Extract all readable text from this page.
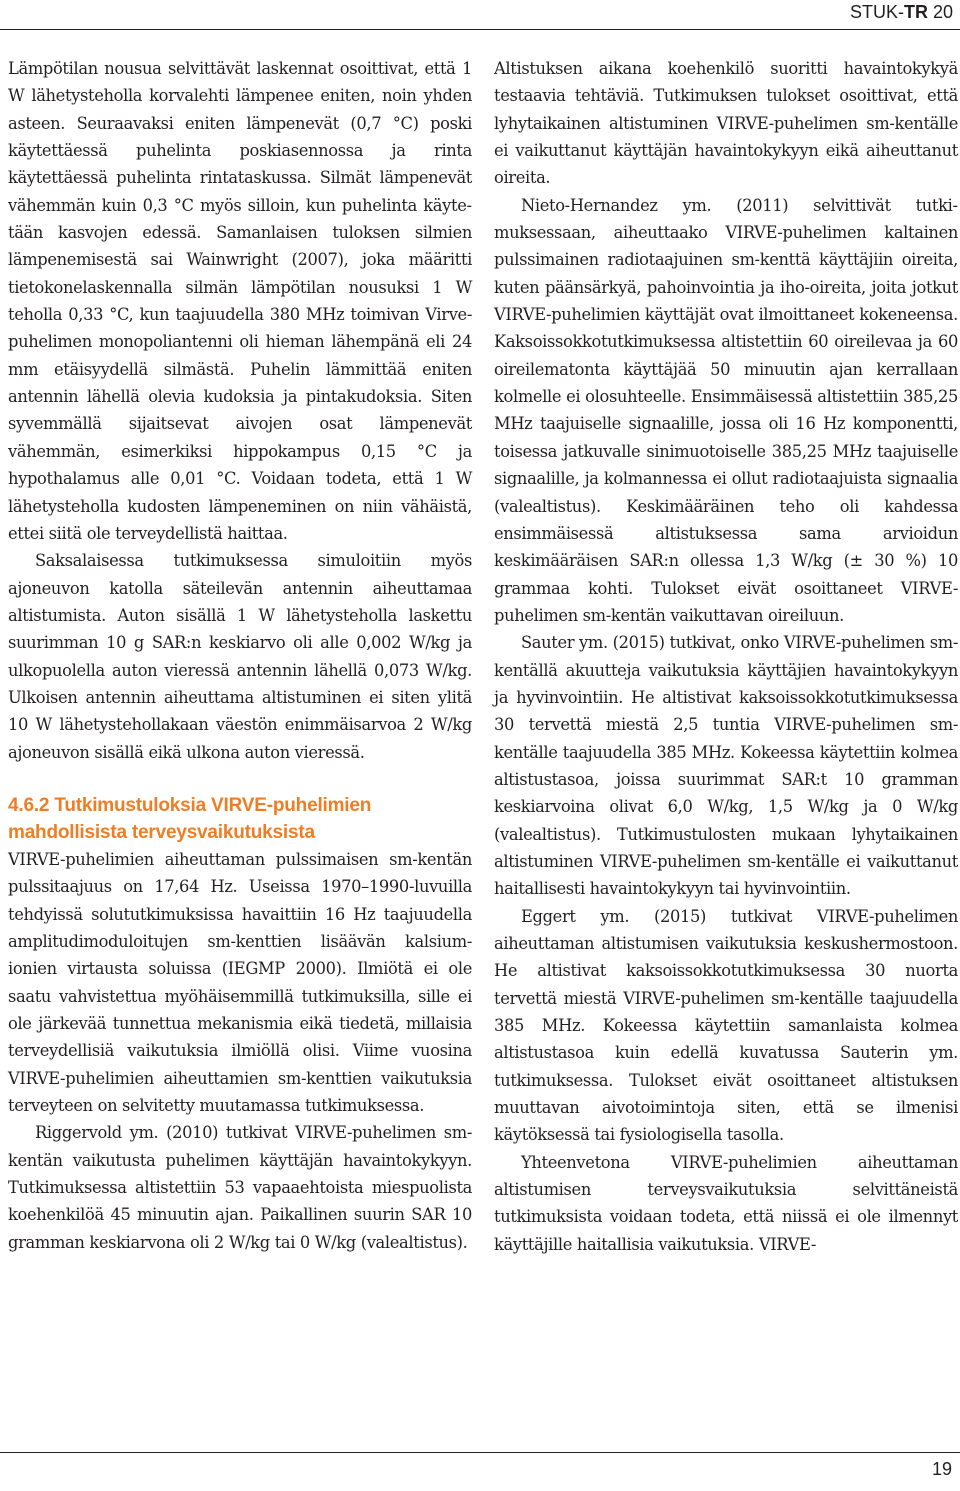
STUK-TR 20

Lämpötilan nousua selvittävät laskennat osoittivat, että 1 W lähetysteholla korvalehti lämpenee eniten, noin yhden asteen. Seuraavaksi eniten lämpenevät (0,7 °C) poski käytettäessä puhelinta poskiasennossa ja rinta käytettäessä puhelinta rintataskussa. Silmät lämpenevät vähemmän kuin 0,3 °C myös silloin, kun puhelinta käytetään kasvojen edessä. Samanlaisen tuloksen silmien lämpenemisestä sai Wainwright (2007), joka määritti tietokonelaskennalla silmän lämpötilan nousuksi 1 W teholla 0,33 °C, kun taajuudella 380 MHz toimivan Virve-puhelimen monopoliantenni oli hieman lähempänä eli 24 mm etäisyydellä silmästä. Puhelin lämmittää eniten antennin lähellä olevia kudoksia ja pintakudoksia. Siten syvemmällä sijaitsevat aivojen osat lämpenevät vähemmän, esimerkiksi hippokampus 0,15 °C ja hypothalamus alle 0,01 °C. Voidaan todeta, että 1 W lähetysteholla kudosten lämpeneminen on niin vähäistä, ettei siitä ole terveydellistä haittaa.

Saksalaisessa tutkimuksessa simuloitiin myös ajoneuvon katolla säteilevän antennin aiheuttamaa altistumista. Auton sisällä 1 W lähetysteholla laskettu suurimman 10 g SAR:n keskiarvo oli alle 0,002 W/kg ja ulkopuolella auton vieressä antennin lähellä 0,073 W/kg. Ulkoisen antennin aiheuttama altistuminen ei siten ylitä 10 W lähetystehollakaan väestön enimmäisarvoa 2 W/kg ajoneuvon sisällä eikä ulkona auton vieressä.

4.6.2 Tutkimustuloksia VIRVE-puhelimien mahdollisista terveysvaikutuksista

VIRVE-puhelimien aiheuttaman pulssimaisen sm-kentän pulssitaajuus on 17,64 Hz. Useissa 1970–1990-luvuilla tehdyissä solututkimuksissa havaittiin 16 Hz taajuudella amplitudimoduloitujen sm-kenttien lisäävän kalsium-ionien virtausta soluissa (IEGMP 2000). Ilmiötä ei ole saatu vahvistettua myöhäisemmillä tutkimuksilla, sille ei ole järkevää tunnettua mekanismia eikä tiedetä, millaisia terveydellisiä vaikutuksia ilmiöllä olisi. Viime vuosina VIRVE-puhelimien aiheuttamien sm-kenttien vaikutuksia terveyteen on selvitetty muutamassa tutkimuksessa.

Riggervold ym. (2010) tutkivat VIRVE-puhelimen sm-kentän vaikutusta puhelimen käyttäjän havaintokykyyn. Tutkimuksessa altistettiin 53 vapaaehtoista miespuolista koehenkilöä 45 minuutin ajan. Paikallinen suurin SAR 10 gramman keskiarvona oli 2 W/kg tai 0 W/kg (valealtistus).

Altistuksen aikana koehenkilö suoritti havaintokykyä testaavia tehtäviä. Tutkimuksen tulokset osoittivat, että lyhytaikainen altistuminen VIRVE-puhelimen sm-kentälle ei vaikuttanut käyttäjän havaintokykyyn eikä aiheuttanut oireita.

Nieto-Hernandez ym. (2011) selvittivät tutkimuksessaan, aiheuttaako VIRVE-puhelimen kaltainen pulssimainen radiotaajuinen sm-kenttä käyttäjiin oireita, kuten päänsärkyä, pahoinvointia ja iho-oireita, joita jotkut VIRVE-puhelimien käyttäjät ovat ilmoittaneet kokeneensa. Kaksoissokkotutkimuksessa altistettiin 60 oireilevaa ja 60 oireilematonta käyttäjää 50 minuutin ajan kerrallaan kolmelle ei olosuhteelle. Ensimmäisessä altistettiin 385,25 MHz taajuiselle signaalille, jossa oli 16 Hz komponentti, toisessa jatkuvalle sinimuotoiselle 385,25 MHz taajuiselle signaalille, ja kolmannessa ei ollut radiotaajuista signaalia (valealtistus). Keskimääräinen teho oli kahdessa ensimmäisessä altistuksessa sama arvioidun keskimääräisen SAR:n ollessa 1,3 W/kg (± 30 %) 10 grammaa kohti. Tulokset eivät osoittaneet VIRVE-puhelimen sm-kentän vaikuttavan oireiluun.

Sauter ym. (2015) tutkivat, onko VIRVE-puhelimen sm-kentällä akuutteja vaikutuksia käyttäjien havaintokykyyn ja hyvinvointiin. He altistivat kaksoissokkotutkimuksessa 30 tervettä miestä 2,5 tuntia VIRVE-puhelimen sm-kentälle taajuudella 385 MHz. Kokeessa käytettiin kolmea altistustasoa, joissa suurimmat SAR:t 10 gramman keskiarvoina olivat 6,0 W/kg, 1,5 W/kg ja 0 W/kg (valealtistus). Tutkimustulosten mukaan lyhytaikainen altistuminen VIRVE-puhelimen sm-kentälle ei vaikuttanut haitallisesti havaintokykyyn tai hyvinvointiin.

Eggert ym. (2015) tutkivat VIRVE-puhelimen aiheuttaman altistumisen vaikutuksia keskushermostoon. He altistivat kaksoissokkotutkimuksessa 30 nuorta tervettä miestä VIRVE-puhelimen sm-kentälle taajuudella 385 MHz. Kokeessa käytettiin samanlaista kolmea altistustasoa kuin edellä kuvatussa Sauterin ym. tutkimuksessa. Tulokset eivät osoittaneet altistuksen muuttavan aivotoimintoja siten, että se ilmenisi käytöksessä tai fysiologisella tasolla.

Yhteenvetona VIRVE-puhelimien aiheuttaman altistumisen terveysvaikutuksia selvittäneistä tutkimuksista voidaan todeta, että niissä ei ole ilmennyt käyttäjille haitallisia vaikutuksia. VIRVE-

19
